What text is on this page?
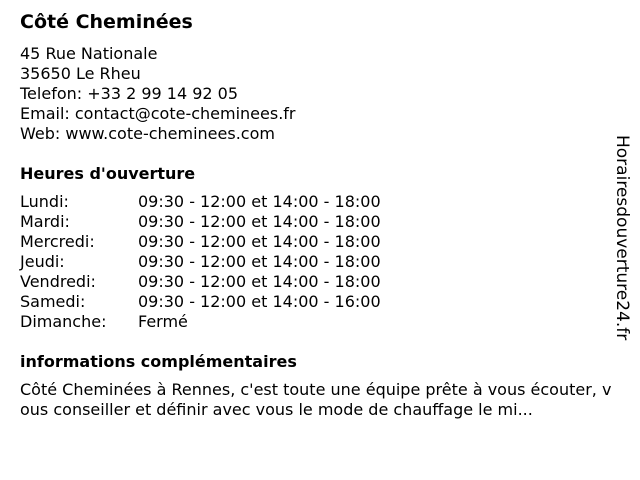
Côté Cheminées
45 Rue Nationale
35650 Le Rheu
Telefon: +33 2 99 14 92 05
Email: contact@cote-cheminees.fr
Web: www.cote-cheminees.com
Heures d'ouverture
Lundi:	09:30 - 12:00 et 14:00 - 18:00
Mardi:	09:30 - 12:00 et 14:00 - 18:00
Mercredi:	09:30 - 12:00 et 14:00 - 18:00
Jeudi:	09:30 - 12:00 et 14:00 - 18:00
Vendredi:	09:30 - 12:00 et 14:00 - 18:00
Samedi:	09:30 - 12:00 et 14:00 - 16:00
Dimanche:	Fermé
informations complémentaires
Côté Cheminées à Rennes, c'est toute une équipe prête à vous écouter, vous conseiller et définir avec vous le mode de chauffage le mi...
Horairesdouverture24.fr
